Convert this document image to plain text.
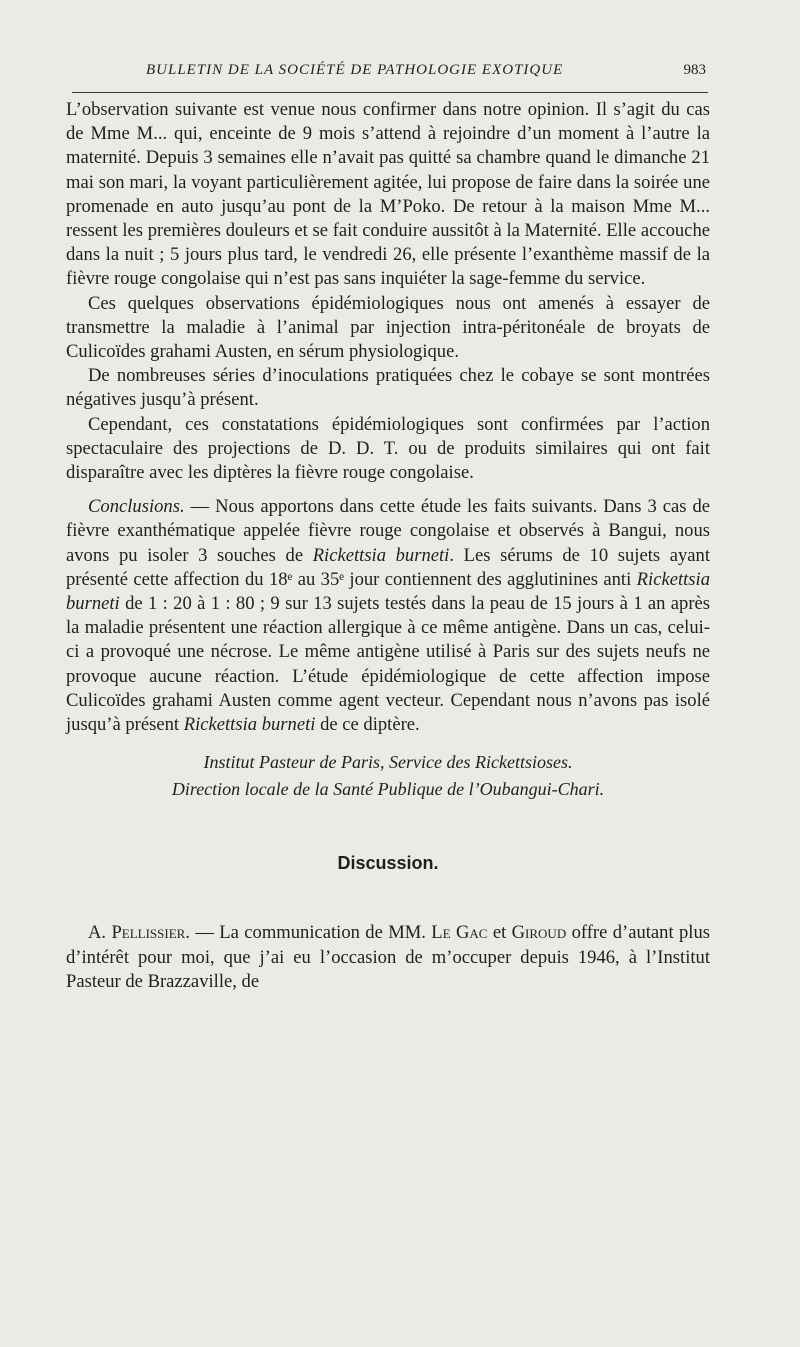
BULLETIN DE LA SOCIÉTÉ DE PATHOLOGIE EXOTIQUE	983

L’observation suivante est venue nous confirmer dans notre opinion. Il s’agit du cas de Mme M... qui, enceinte de 9 mois s’attend à rejoindre d’un moment à l’autre la maternité. Depuis 3 semaines elle n’avait pas quitté sa chambre quand le dimanche 21 mai son mari, la voyant particulièrement agitée, lui propose de faire dans la soirée une promenade en auto jusqu’au pont de la M’Poko. De retour à la maison Mme M... ressent les premières douleurs et se fait conduire aussitôt à la Maternité. Elle accouche dans la nuit ; 5 jours plus tard, le vendredi 26, elle présente l’exanthème massif de la fièvre rouge congolaise qui n’est pas sans inquiéter la sage-femme du service.

Ces quelques observations épidémiologiques nous ont amenés à essayer de transmettre la maladie à l’animal par injection intra-péritonéale de broyats de Culicoïdes grahami Austen, en sérum physiologique.

De nombreuses séries d’inoculations pratiquées chez le cobaye se sont montrées négatives jusqu’à présent.

Cependant, ces constatations épidémiologiques sont confirmées par l’action spectaculaire des projections de D. D. T. ou de produits similaires qui ont fait disparaître avec les diptères la fièvre rouge congolaise.

Conclusions. — Nous apportons dans cette étude les faits suivants. Dans 3 cas de fièvre exanthématique appelée fièvre rouge congolaise et observés à Bangui, nous avons pu isoler 3 souches de Rickettsia burneti. Les sérums de 10 sujets ayant présenté cette affection du 18ᵉ au 35ᵉ jour contiennent des agglutinines anti Rickettsia burneti de 1 : 20 à 1 : 80 ; 9 sur 13 sujets testés dans la peau de 15 jours à 1 an après la maladie présentent une réaction allergique à ce même antigène. Dans un cas, celui-ci a provoqué une nécrose. Le même antigène utilisé à Paris sur des sujets neufs ne provoque aucune réaction. L’étude épidémiologique de cette affection impose Culicoïdes grahami Austen comme agent vecteur. Cependant nous n’avons pas isolé jusqu’à présent Rickettsia burneti de ce diptère.

Institut Pasteur de Paris, Service des Rickettsioses.
Direction locale de la Santé Publique de l’Oubangui-Chari.
Discussion.

A. Pellissier. — La communication de MM. Le Gac et Giroud offre d’autant plus d’intérêt pour moi, que j’ai eu l’occasion de m’occuper depuis 1946, à l’Institut Pasteur de Brazzaville, de
